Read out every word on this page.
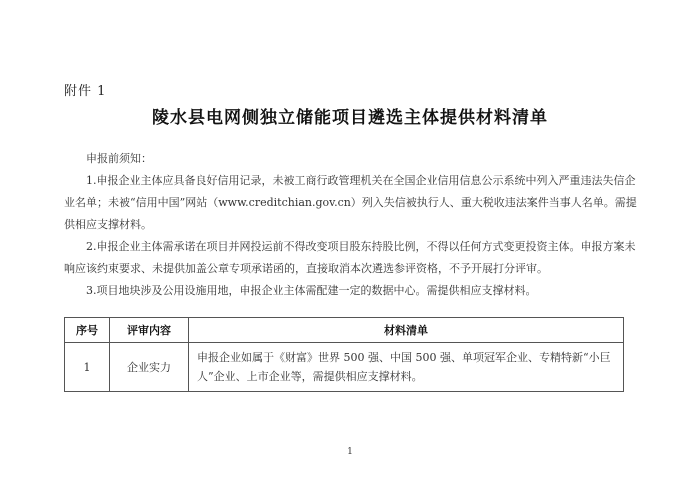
附件 1
陵水县电网侧独立储能项目遴选主体提供材料清单
申报前须知：
1.申报企业主体应具备良好信用记录，未被工商行政管理机关在全国企业信用信息公示系统中列入严重违法失信企业名单；未被“信用中国”网站（www.creditchian.gov.cn）列入失信被执行人、重大税收违法案件当事人名单。需提供相应支撑材料。
2.申报企业主体需承诺在项目并网投运前不得改变项目股东持股比例，不得以任何方式变更投资主体。申报方案未响应该约束要求、未提供加盖公章专项承诺函的，直接取消本次遴选参评资格，不予开展打分评审。
3.项目地块涉及公用设施用地，申报企业主体需配建一定的数据中心。需提供相应支撑材料。
序号	评审内容	材料清单
1	企业实力	申报企业如属于《财富》世界 500 强、中国 500 强、单项冠军企业、专精特新“小巨人”企业、上市企业等，需提供相应支撑材料。
1
